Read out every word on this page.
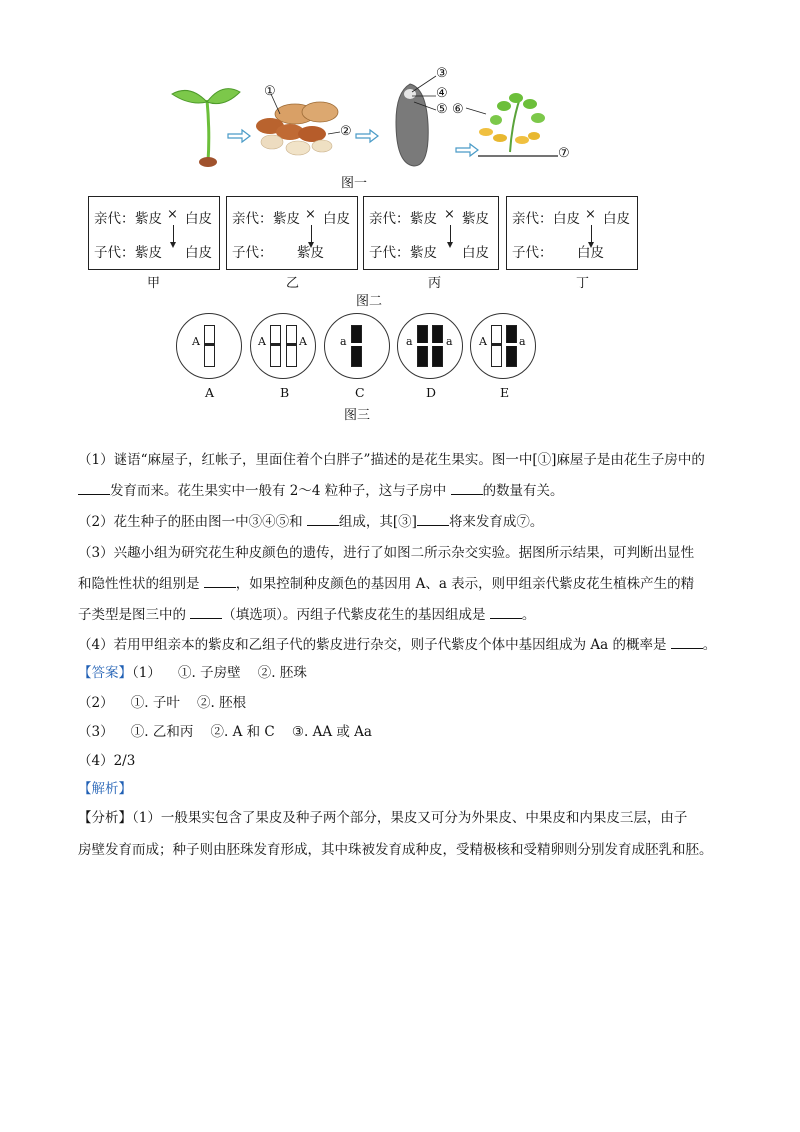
①
②
③
④
⑤ ⑥
⑦
图一
亲代： 紫皮 × 白皮
子代： 紫皮 白皮
甲
亲代： 紫皮 × 白皮
子代： 紫皮
乙
亲代： 紫皮 × 紫皮
子代： 紫皮 白皮
丙
亲代： 白皮 × 白皮
子代： 白皮
丁
图二
A
A
A	A
B
a
C
a	a
D
A	a
E
图三
（1）谜语“麻屋子，红帐子，里面住着个白胖子”描述的是花生果实。图一中[①]麻屋子是由花生子房中的
发育而来。花生果实中一般有 2～4 粒种子，这与子房中 的数量有关。
（2）花生种子的胚由图一中③④⑤和 组成，其[③] 将来发育成⑦。
（3）兴趣小组为研究花生种皮颜色的遗传，进行了如图二所示杂交实验。据图所示结果，可判断出显性
和隐性性状的组别是 ，如果控制种皮颜色的基因用 A、a 表示，则甲组亲代紫皮花生植株产生的精
子类型是图三中的 （填选项）。丙组子代紫皮花生的基因组成是 。
（4）若用甲组亲本的紫皮和乙组子代的紫皮进行杂交，则子代紫皮个体中基因组成为 Aa 的概率是 。
【答案】（1）    ①. 子房壁    ②. 胚珠
（2）    ①. 子叶    ②. 胚根
（3）    ①. 乙和丙    ②. A 和 C    ③. AA 或 Aa
（4）2/3
【解析】
【分析】（1）一般果实包含了果皮及种子两个部分，果皮又可分为外果皮、中果皮和内果皮三层，由子
房壁发育而成；种子则由胚珠发育形成，其中珠被发育成种皮，受精极核和受精卵则分别发育成胚乳和胚。
